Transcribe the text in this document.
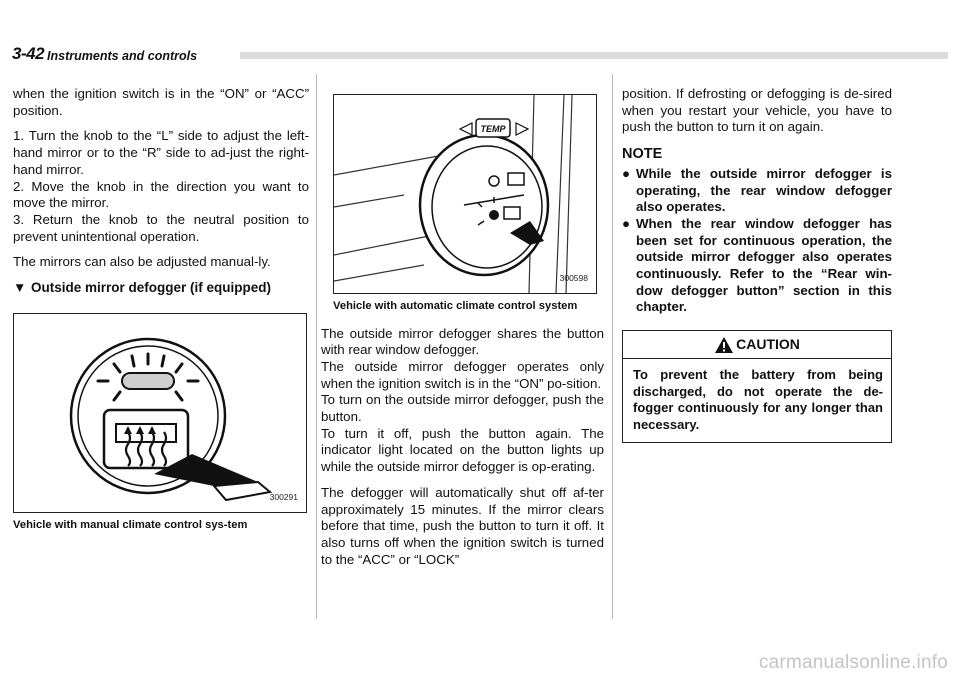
3-42 Instruments and controls

when the ignition switch is in the “ON” or “ACC” position.

1. Turn the knob to the “L” side to adjust the left-hand mirror or to the “R” side to ad-just the right-hand mirror.
2. Move the knob in the direction you want to move the mirror.
3. Return the knob to the neutral position to prevent unintentional operation.

The mirrors can also be adjusted manual-ly.

▼ Outside mirror defogger (if equipped)
300291
Vehicle with manual climate control sys-tem
TEMP
300598
Vehicle with automatic climate control system
The outside mirror defogger shares the button with rear window defogger.
The outside mirror defogger operates only when the ignition switch is in the “ON” po-sition.
To turn on the outside mirror defogger, push the button.
To turn it off, push the button again. The indicator light located on the button lights up while the outside mirror defogger is op-erating.

The defogger will automatically shut off af-ter approximately 15 minutes. If the mirror clears before that time, push the button to turn it off. It also turns off when the ignition switch is turned to the “ACC” or “LOCK”

position. If defrosting or defogging is de-sired when you restart your vehicle, you have to push the button to turn it on again.

NOTE
● While the outside mirror defogger is operating, the rear window defogger also operates.
● When the rear window defogger has been set for continuous operation, the outside mirror defogger also operates continuously. Refer to the “Rear win-dow defogger button” section in this chapter.
CAUTION
To prevent the battery from being discharged, do not operate the de-fogger continuously for any longer than necessary.
carmanualsonline.info
